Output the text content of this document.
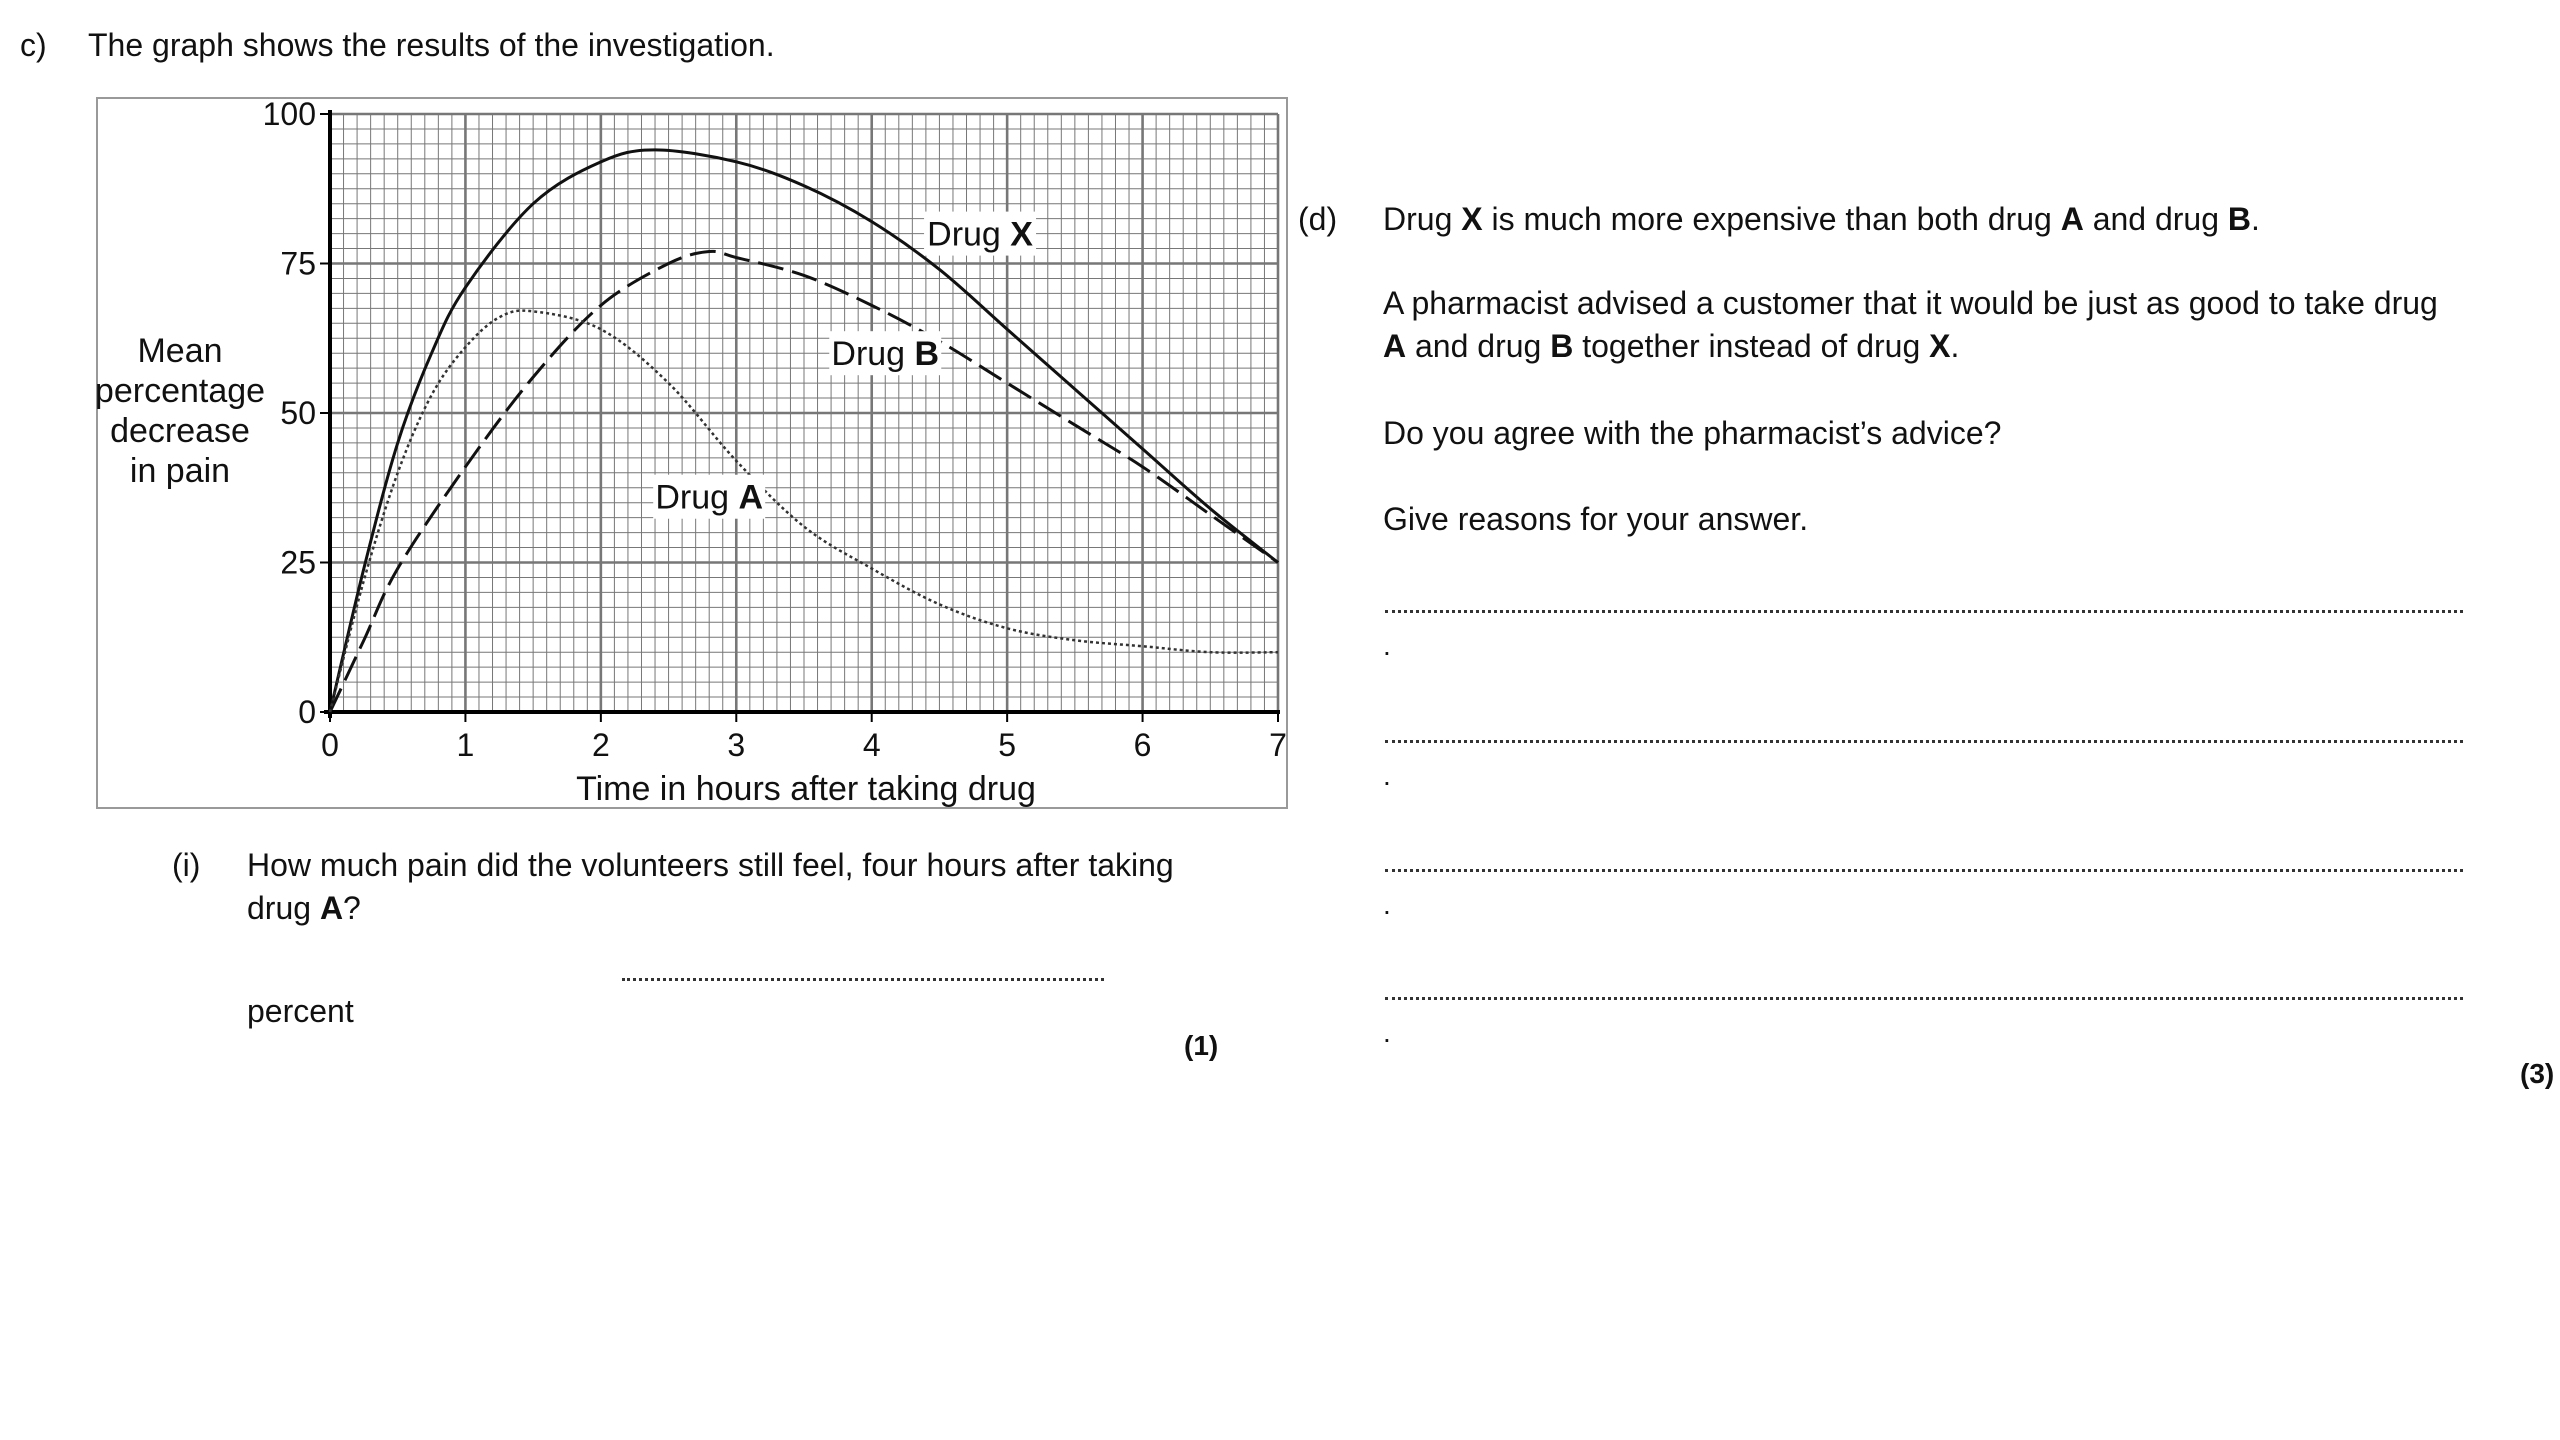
c) The graph shows the results of the investigation.
0	1	2	3	4	5	6	7
0
25
50
75
100
Time in hours after taking drug
Mean
percentage
decrease
in pain
Drug X
Drug B
Drug A
(i) How much pain did the volunteers still feel, four hours after taking
drug A?
percent
(1)
(d) Drug X is much more expensive than both drug A and drug B.
A pharmacist advised a customer that it would be just as good to take drug
A and drug B together instead of drug X.
Do you agree with the pharmacist’s advice?
Give reasons for your answer.
.
.
.
.
(3)
